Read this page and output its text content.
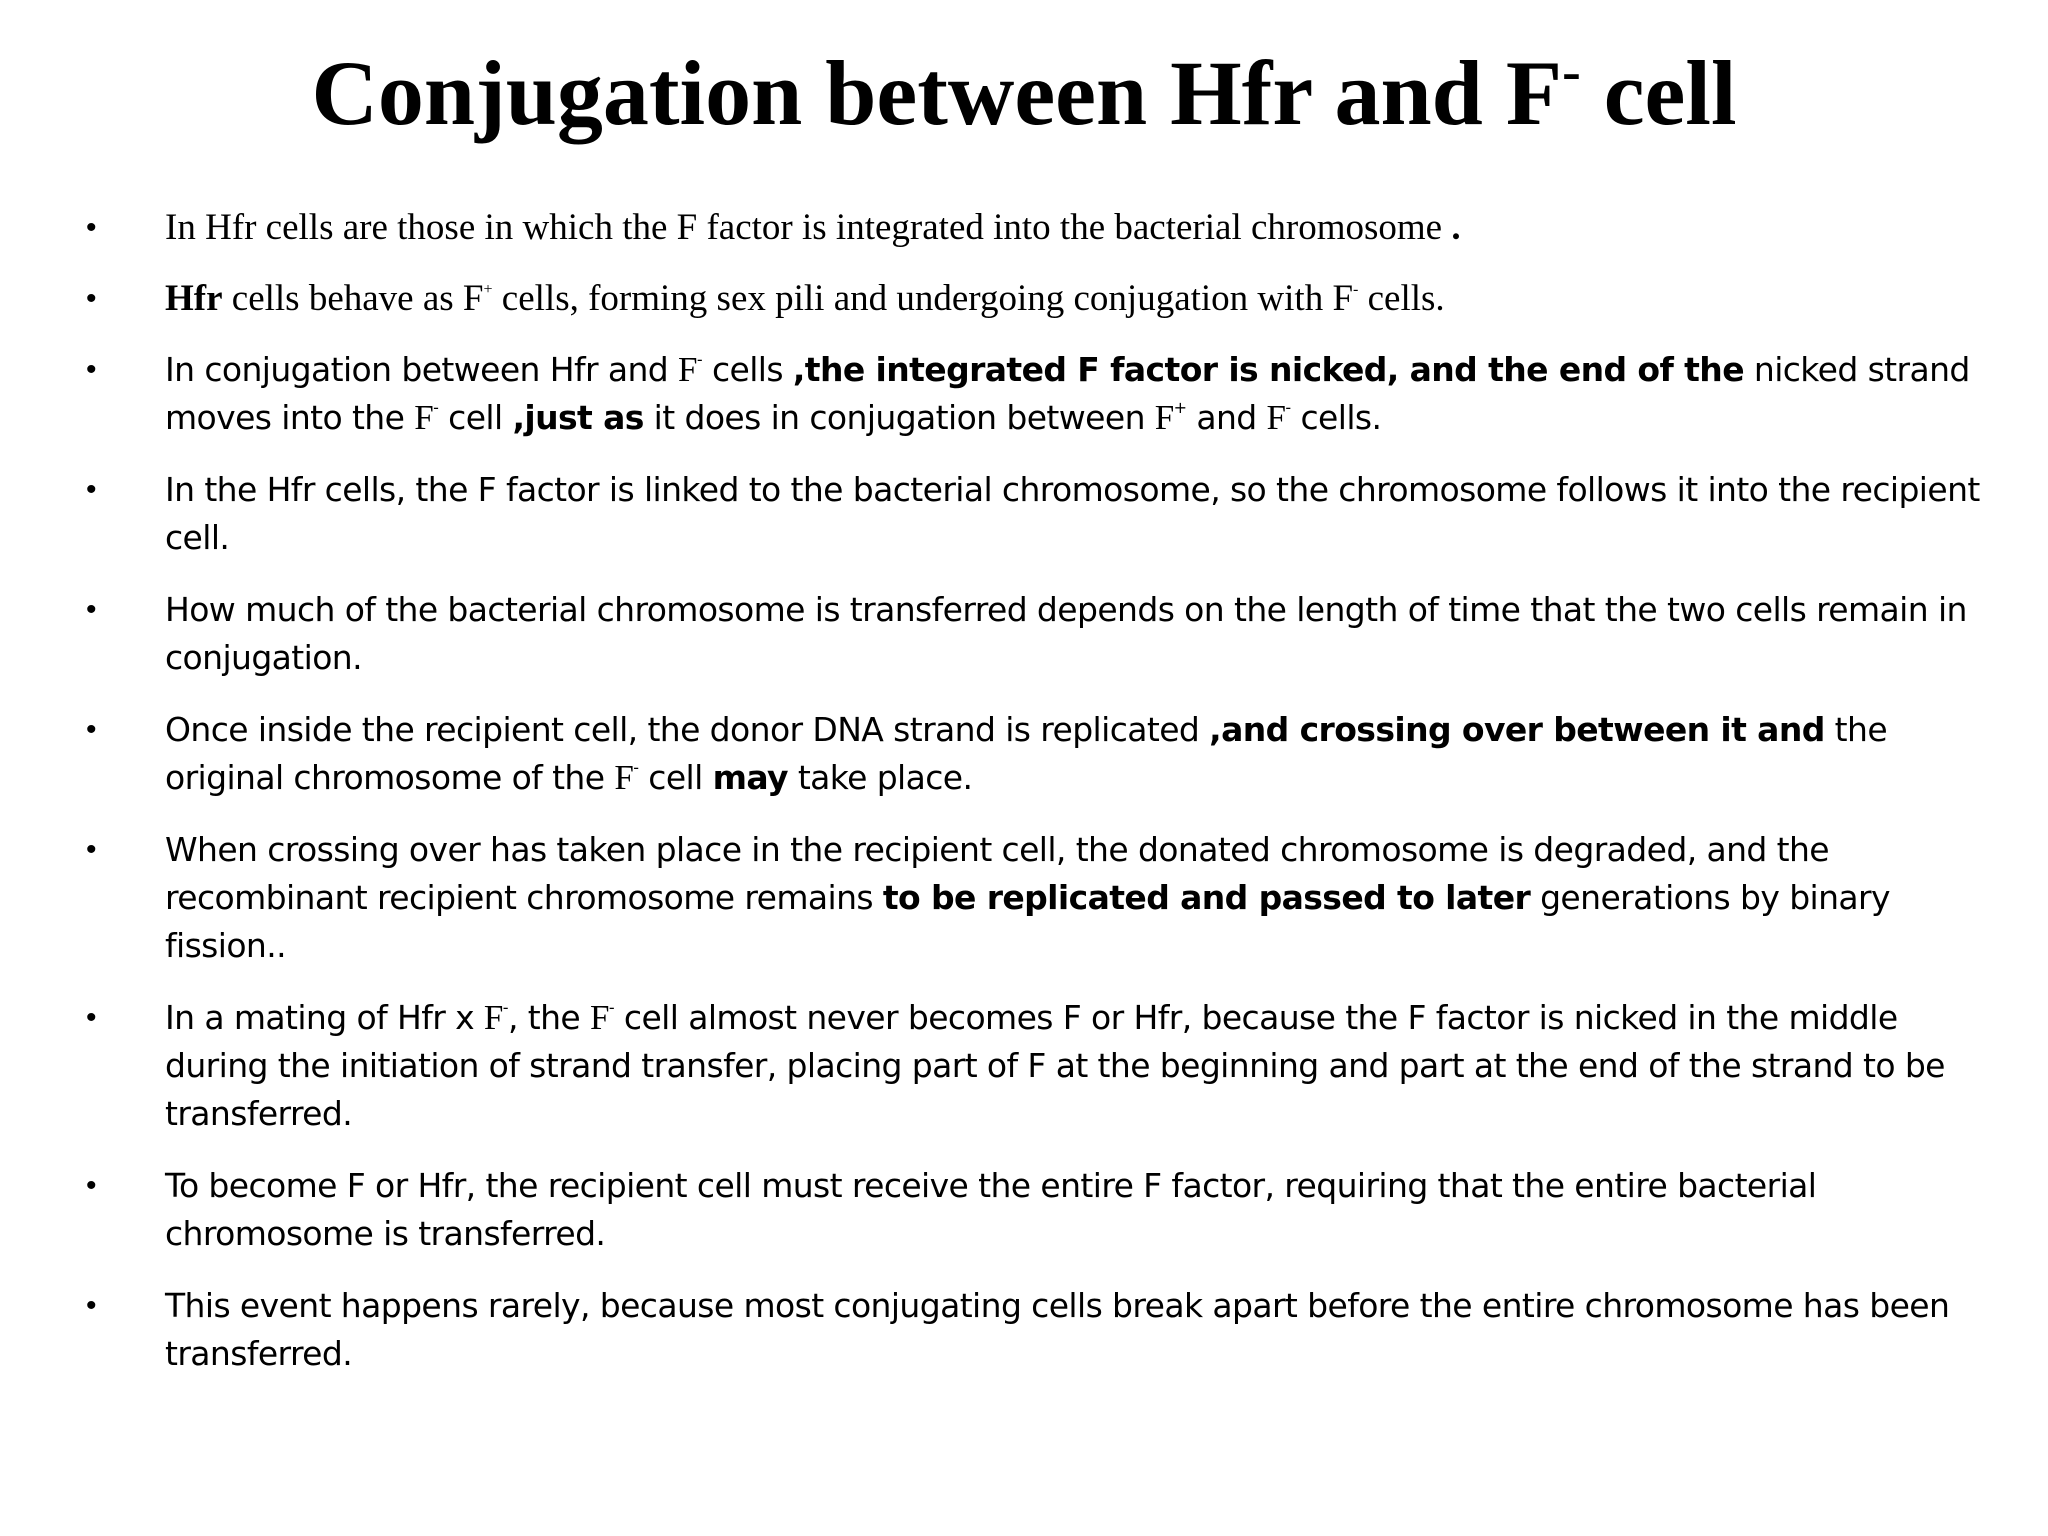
Conjugation between Hfr and F- cell
• In Hfr cells are those in which the F factor is integrated into the bacterial chromosome .
• Hfr cells behave as F+ cells, forming sex pili and undergoing conjugation with F- cells.
• In conjugation between Hfr and F- cells ,the integrated F factor is nicked, and the end of the nicked strand moves into the F- cell ,just as it does in conjugation between F+ and F- cells.
• In the Hfr cells, the F factor is linked to the bacterial chromosome, so the chromosome follows it into the recipient cell.
• How much of the bacterial chromosome is transferred depends on the length of time that the two cells remain in conjugation.
• Once inside the recipient cell, the donor DNA strand is replicated ,and crossing over between it and the original chromosome of the F- cell may take place.
• When crossing over has taken place in the recipient cell, the donated chromosome is degraded, and the recombinant recipient chromosome remains to be replicated and passed to later generations by binary fission..
• In a mating of Hfr x F-, the F- cell almost never becomes F or Hfr, because the F factor is nicked in the middle during the initiation of strand transfer, placing part of F at the beginning and part at the end of the strand to be transferred.
• To become F or Hfr, the recipient cell must receive the entire F factor, requiring that the entire bacterial chromosome is transferred.
• This event happens rarely, because most conjugating cells break apart before the entire chromosome has been transferred.
